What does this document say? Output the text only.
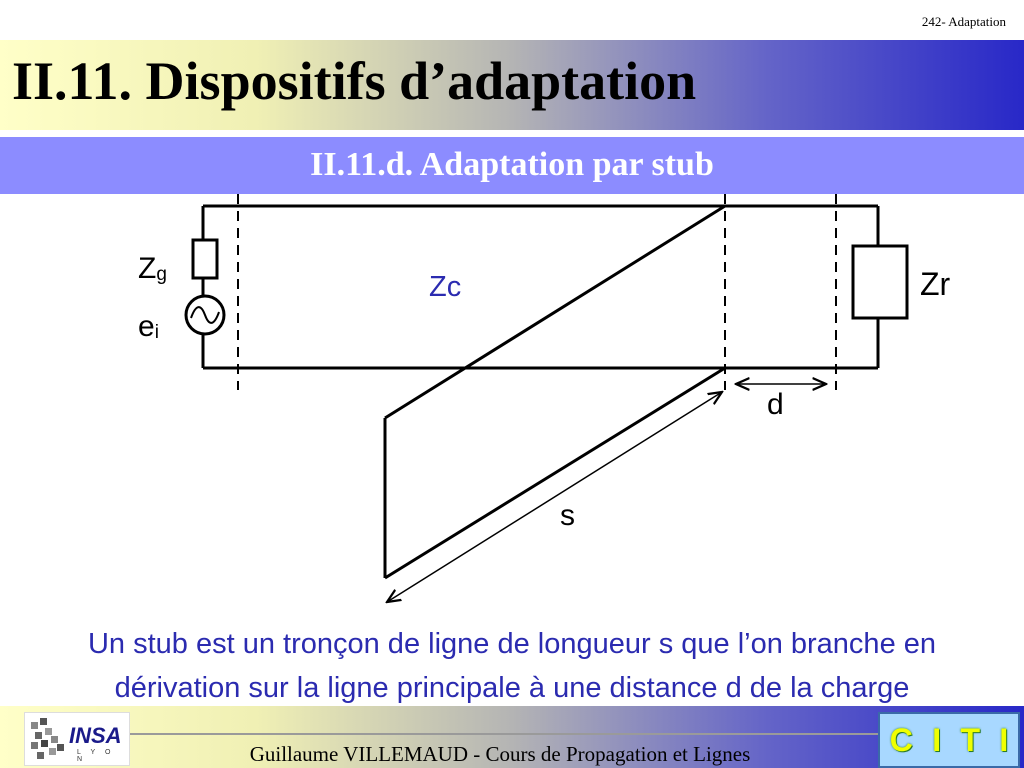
242- Adaptation
II.11. Dispositifs d’adaptation
II.11.d. Adaptation par stub
Zg
ei
Zc	Zr
d
s
Un stub est un tronçon de ligne de longueur s que l’on branche en
dérivation sur la ligne principale à une distance d de la charge
INSA
L Y O N	Guillaume VILLEMAUD - Cours de Propagation et Lignes	C I T I
